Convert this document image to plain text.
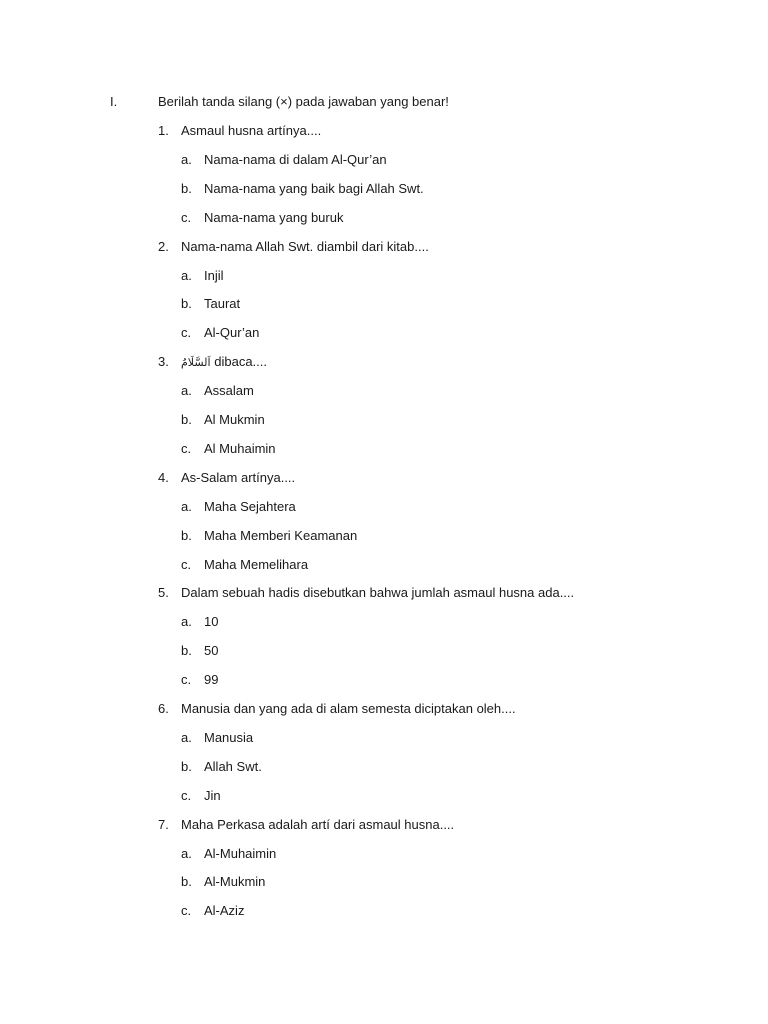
I.	Berilah tanda silang (×) pada jawaban yang benar!
1. Asmaul husna artínya....
a. Nama-nama di dalam Al-Qur’an
b. Nama-nama yang baik bagi Allah Swt.
c. Nama-nama yang buruk
2. Nama-nama Allah Swt. diambil dari kitab....
a. Injil
b. Taurat
c. Al-Qur’an
3. اَلسَّلَامُ dibaca....
a. Assalam
b. Al Mukmin
c. Al Muhaimin
4. As-Salam artínya....
a. Maha Sejahtera
b. Maha Memberi Keamanan
c. Maha Memelihara
5. Dalam sebuah hadis disebutkan bahwa jumlah asmaul husna ada....
a. 10
b. 50
c. 99
6. Manusia dan yang ada di alam semesta diciptakan oleh....
a. Manusia
b. Allah Swt.
c. Jin
7. Maha Perkasa adalah artí dari asmaul husna....
a. Al-Muhaimin
b. Al-Mukmin
c. Al-Aziz
